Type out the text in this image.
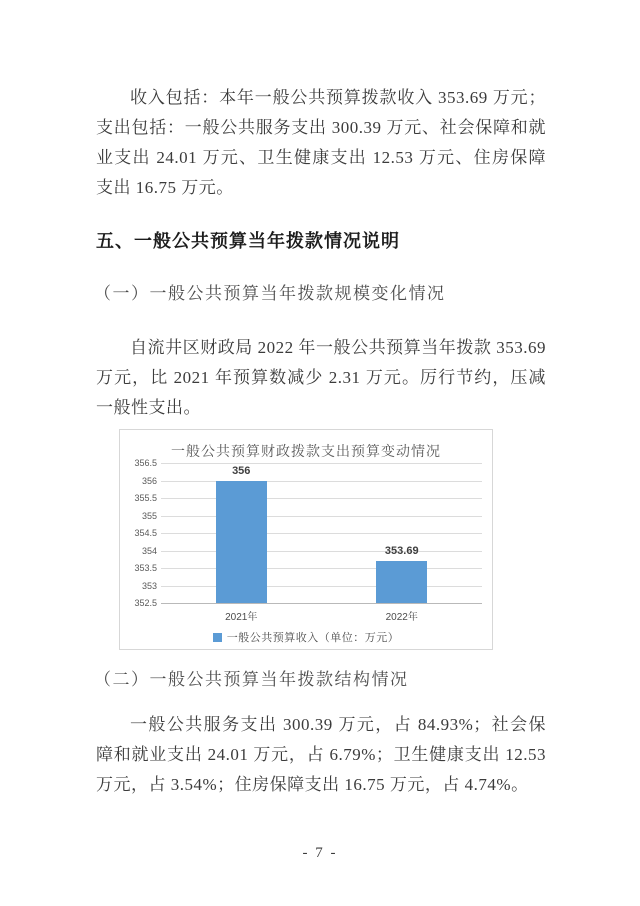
收入包括：本年一般公共预算拨款收入 353.69 万元；支出包括：一般公共服务支出 300.39 万元、社会保障和就业支出 24.01 万元、卫生健康支出 12.53 万元、住房保障支出 16.75 万元。

五、一般公共预算当年拨款情况说明

（一）一般公共预算当年拨款规模变化情况

自流井区财政局 2022 年一般公共预算当年拨款 353.69 万元，比 2021 年预算数减少 2.31 万元。厉行节约，压减一般性支出。

一般公共预算财政拨款支出预算变动情况
一般公共预算收入（单位：万元）
356.5
356
355.5
355
354.5
354
353.5
353
352.5
356
2021年
353.69
2022年

（二）一般公共预算当年拨款结构情况

一般公共服务支出 300.39 万元，占 84.93%；社会保障和就业支出 24.01 万元，占 6.79%；卫生健康支出 12.53 万元，占 3.54%；住房保障支出 16.75 万元，占 4.74%。

- 7 -
